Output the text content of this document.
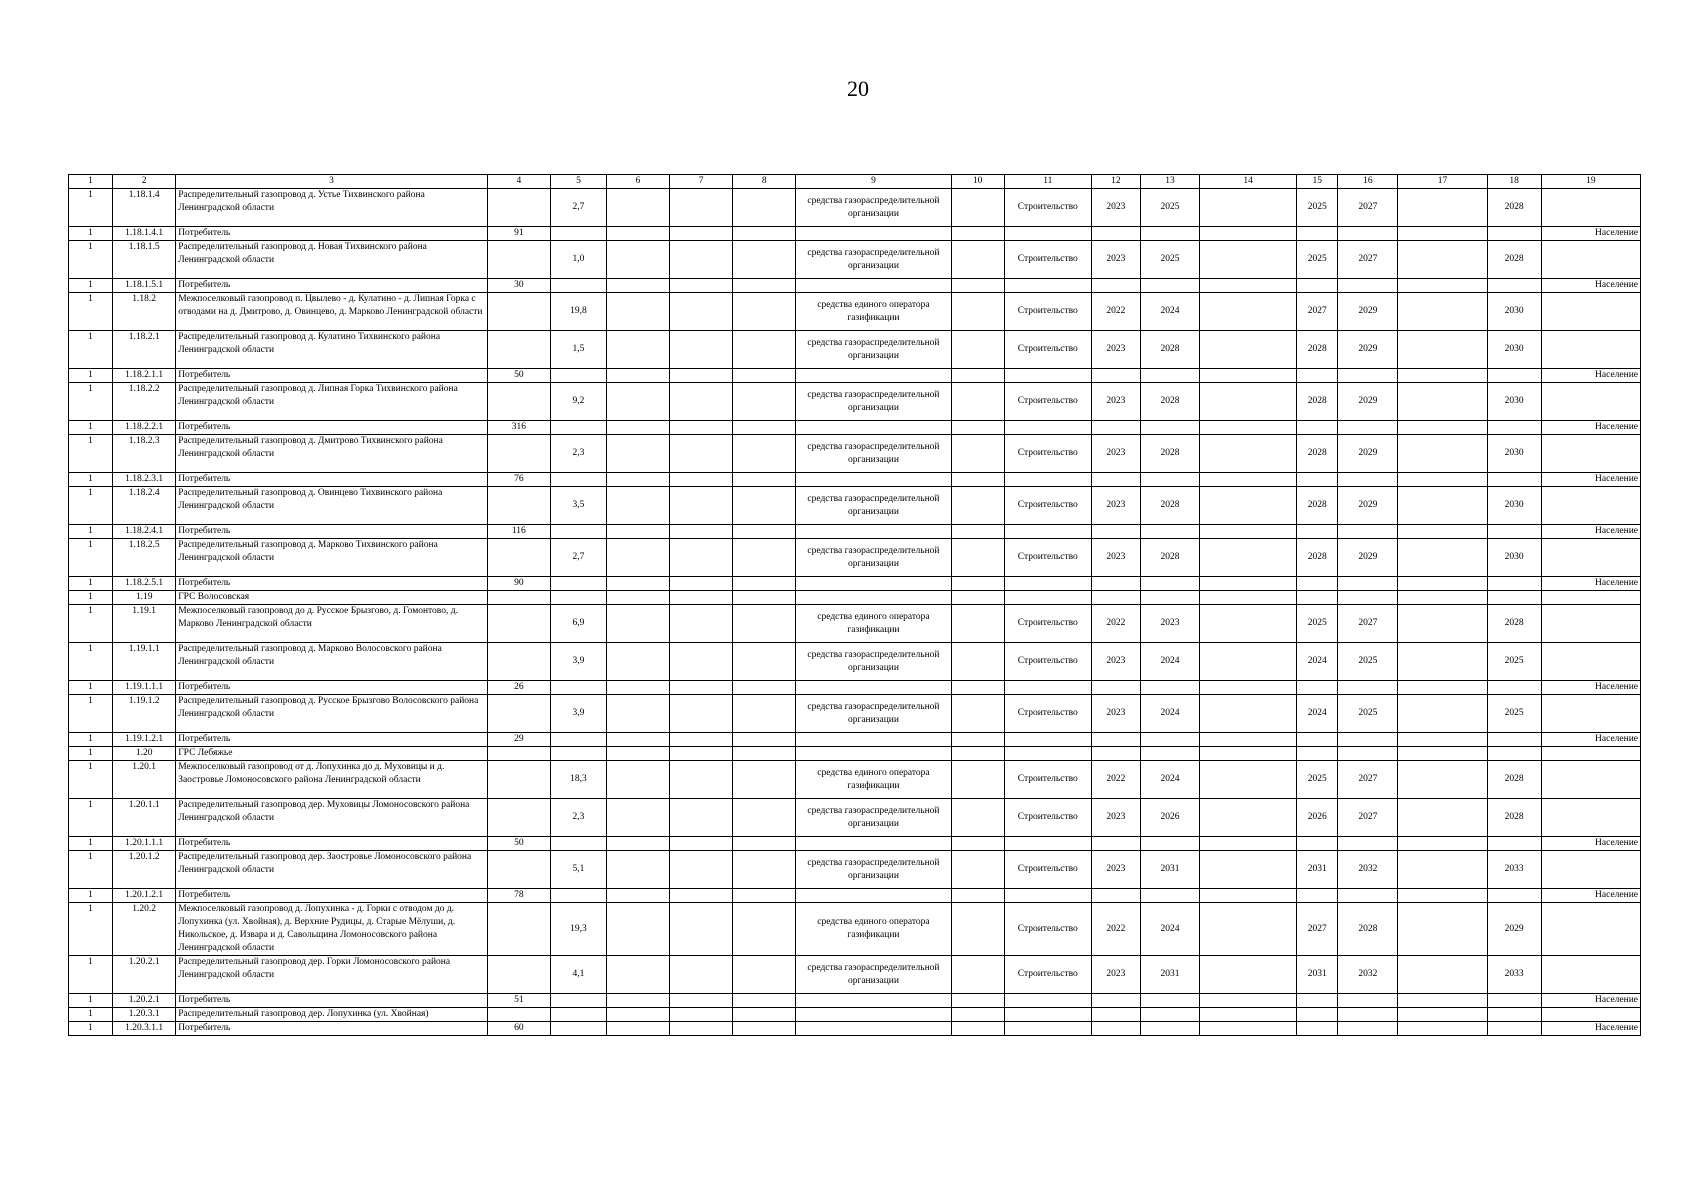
20
1	2	3	4	5	6	7	8	9	10	11	12	13	14	15	16	17	18	19
1	1.18.1.4	Распределительный газопровод д. Устье Тихвинского района Ленинградской области		2,7				средства газораспределительной организации		Строительство	2023	2025		2025	2027		2028	
1	1.18.1.4.1	Потребитель	91															Население
1	1.18.1.5	Распределительный газопровод д. Новая Тихвинского района Ленинградской области		1,0				средства газораспределительной организации		Строительство	2023	2025		2025	2027		2028	
1	1.18.1.5.1	Потребитель	30															Население
1	1.18.2	Межпоселковый газопровод п. Цвылево - д. Кулатино - д. Липная Горка с отводами на д. Дмитрово, д. Овинцево, д. Марково Ленинградской области		19,8				средства единого оператора газификации		Строительство	2022	2024		2027	2029		2030	
1	1.18.2.1	Распределительный газопровод д. Кулатино Тихвинского района Ленинградской области		1,5				средства газораспределительной организации		Строительство	2023	2028		2028	2029		2030	
1	1.18.2.1.1	Потребитель	50															Население
1	1.18.2.2	Распределительный газопровод д. Липная Горка Тихвинского района Ленинградской области		9,2				средства газораспределительной организации		Строительство	2023	2028		2028	2029		2030	
1	1.18.2.2.1	Потребитель	316															Население
1	1.18.2.3	Распределительный газопровод д. Дмитрово Тихвинского района Ленинградской области		2,3				средства газораспределительной организации		Строительство	2023	2028		2028	2029		2030	
1	1.18.2.3.1	Потребитель	76															Население
1	1.18.2.4	Распределительный газопровод д. Овинцево Тихвинского района Ленинградской области		3,5				средства газораспределительной организации		Строительство	2023	2028		2028	2029		2030	
1	1.18.2.4.1	Потребитель	116															Население
1	1.18.2.5	Распределительный газопровод д. Марково Тихвинского района Ленинградской области		2,7				средства газораспределительной организации		Строительство	2023	2028		2028	2029		2030	
1	1.18.2.5.1	Потребитель	90															Население
1	1.19	ГРС Волосовская																
1	1.19.1	Межпоселковый газопровод до д. Русское Брызгово, д. Гомонтово, д. Марково Ленинградской области		6,9				средства единого оператора газификации		Строительство	2022	2023		2025	2027		2028	
1	1.19.1.1	Распределительный газопровод д. Марково Волосовского района Ленинградской области		3,9				средства газораспределительной организации		Строительство	2023	2024		2024	2025		2025	
1	1.19.1.1.1	Потребитель	26															Население
1	1.19.1.2	Распределительный газопровод д. Русское Брызгово Волосовского района Ленинградской области		3,9				средства газораспределительной организации		Строительство	2023	2024		2024	2025		2025	
1	1.19.1.2.1	Потребитель	29															Население
1	1.20	ГРС Лебяжье																
1	1.20.1	Межпоселковый газопровод от д. Лопухинка до д. Муховицы и д. Заостровье Ломоносовского района Ленинградской области		18,3				средства единого оператора газификации		Строительство	2022	2024		2025	2027		2028	
1	1.20.1.1	Распределительный газопровод дер. Муховицы Ломоносовского района Ленинградской области		2,3				средства газораспределительной организации		Строительство	2023	2026		2026	2027		2028	
1	1.20.1.1.1	Потребитель	50															Население
1	1.20.1.2	Распределительный газопровод дер. Заостровье Ломоносовского района Ленинградской области		5,1				средства газораспределительной организации		Строительство	2023	2031		2031	2032		2033	
1	1.20.1.2.1	Потребитель	78															Население
1	1.20.2	Межпоселковый газопровод д. Лопухинка - д. Горки с отводом до д. Лопухинка (ул. Хвойная), д. Верхние Рудицы, д. Старые Мёлуши, д. Никольское, д. Извара и д. Савольщина Ломоносовского района Ленинградской области		19,3				средства единого оператора газификации		Строительство	2022	2024		2027	2028		2029	
1	1.20.2.1	Распределительный газопровод дер. Горки Ломоносовского района Ленинградской области		4,1				средства газораспределительной организации		Строительство	2023	2031		2031	2032		2033	
1	1.20.2.1	Потребитель	51															Население
1	1.20.3.1	Распределительный газопровод дер. Лопухинка (ул. Хвойная)																
1	1.20.3.1.1	Потребитель	60															Население
